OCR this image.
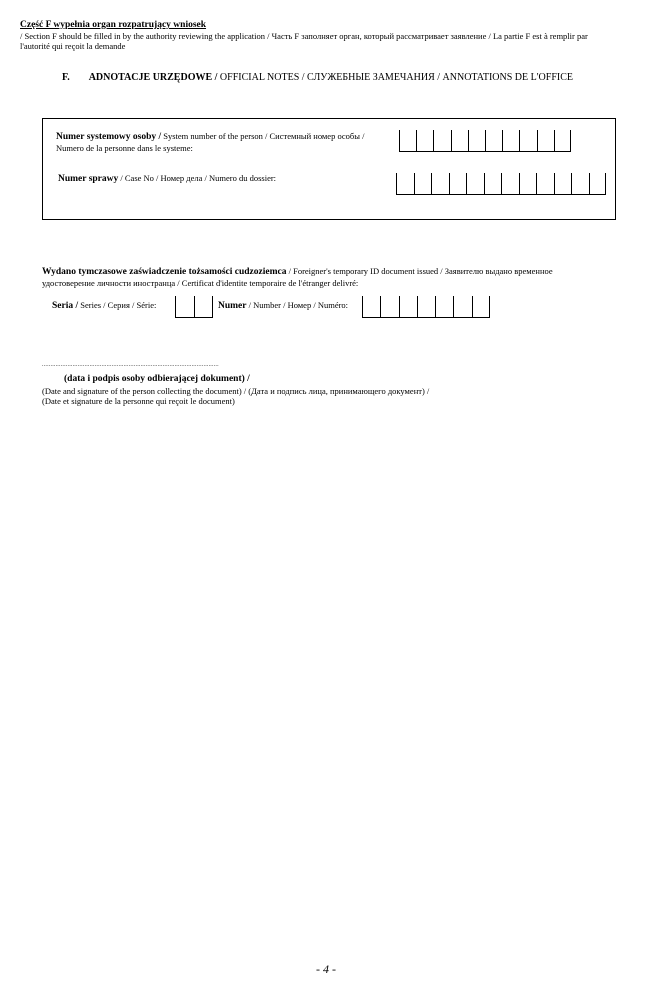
Część F wypełnia organ rozpatrujący wniosek
/ Section F should be filled in by the authority reviewing the application / Часть F заполняет орган, который рассматривает заявление / La partie F est à remplir par
l'autorité qui reçoit la demande
F. ADNOTACJE URZĘDOWE / OFFICIAL NOTES / СЛУЖЕБНЫЕ ЗАМЕЧАНИЯ / ANNOTATIONS DE L'OFFICE
Numer systemowy osoby / System number of the person / Системный номер особы /
Numero de la personne dans le systeme:
Numer sprawy / Case No / Номер дела / Numero du dossier:
Wydano tymczasowe zaświadczenie tożsamości cudzoziemca / Foreigner's temporary ID document issued / Заявителю выдано временное
удостоверение личности иностранца / Certificat d'identite temporaire de l'étranger delivré:
Seria / Series / Серия / Série:	Numer / Number / Номер / Numéro:
........................................................................................................
(data i podpis osoby odbierającej dokument) /
(Date and signature of the person collecting the document) / (Дата и подпись лица, принимающего документ) /
(Date et signature de la personne qui reçoit le document)
- 4 -
